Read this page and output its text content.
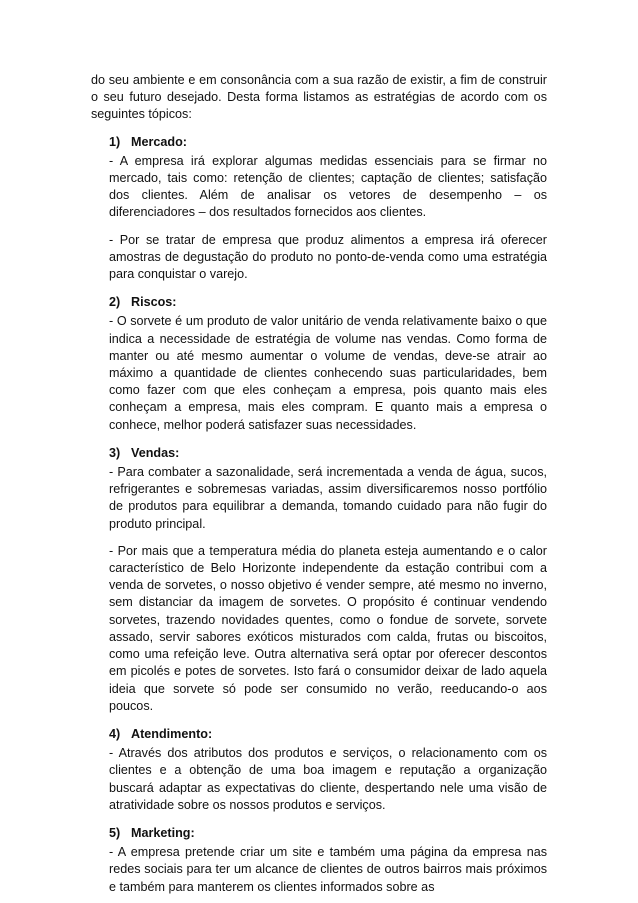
do seu ambiente e em consonância com a sua razão de existir, a fim de construir o seu futuro desejado. Desta forma listamos as estratégias de acordo com os seguintes tópicos:

1) Mercado:

- A empresa irá explorar algumas medidas essenciais para se firmar no mercado, tais como: retenção de clientes; captação de clientes; satisfação dos clientes. Além de analisar os vetores de desempenho – os diferenciadores – dos resultados fornecidos aos clientes.

- Por se tratar de empresa que produz alimentos a empresa irá oferecer amostras de degustação do produto no ponto-de-venda como uma estratégia para conquistar o varejo.

2) Riscos:

- O sorvete é um produto de valor unitário de venda relativamente baixo o que indica a necessidade de estratégia de volume nas vendas. Como forma de manter ou até mesmo aumentar o volume de vendas, deve-se atrair ao máximo a quantidade de clientes conhecendo suas particularidades, bem como fazer com que eles conheçam a empresa, pois quanto mais eles conheçam a empresa, mais eles compram. E quanto mais a empresa o conhece, melhor poderá satisfazer suas necessidades.

3) Vendas:

- Para combater a sazonalidade, será incrementada a venda de água, sucos, refrigerantes e sobremesas variadas, assim diversificaremos nosso portfólio de produtos para equilibrar a demanda, tomando cuidado para não fugir do produto principal.

- Por mais que a temperatura média do planeta esteja aumentando e o calor característico de Belo Horizonte independente da estação contribui com a venda de sorvetes, o nosso objetivo é vender sempre, até mesmo no inverno, sem distanciar da imagem de sorvetes. O propósito é continuar vendendo sorvetes, trazendo novidades quentes, como o fondue de sorvete, sorvete assado, servir sabores exóticos misturados com calda, frutas ou biscoitos, como uma refeição leve. Outra alternativa será optar por oferecer descontos em picolés e potes de sorvetes. Isto fará o consumidor deixar de lado aquela ideia que sorvete só pode ser consumido no verão, reeducando-o aos poucos.

4) Atendimento:

- Através dos atributos dos produtos e serviços, o relacionamento com os clientes e a obtenção de uma boa imagem e reputação a organização buscará adaptar as expectativas do cliente, despertando nele uma visão de atratividade sobre os nossos produtos e serviços.

5) Marketing:

- A empresa pretende criar um site e também uma página da empresa nas redes sociais para ter um alcance de clientes de outros bairros mais próximos e também para manterem os clientes informados sobre as
